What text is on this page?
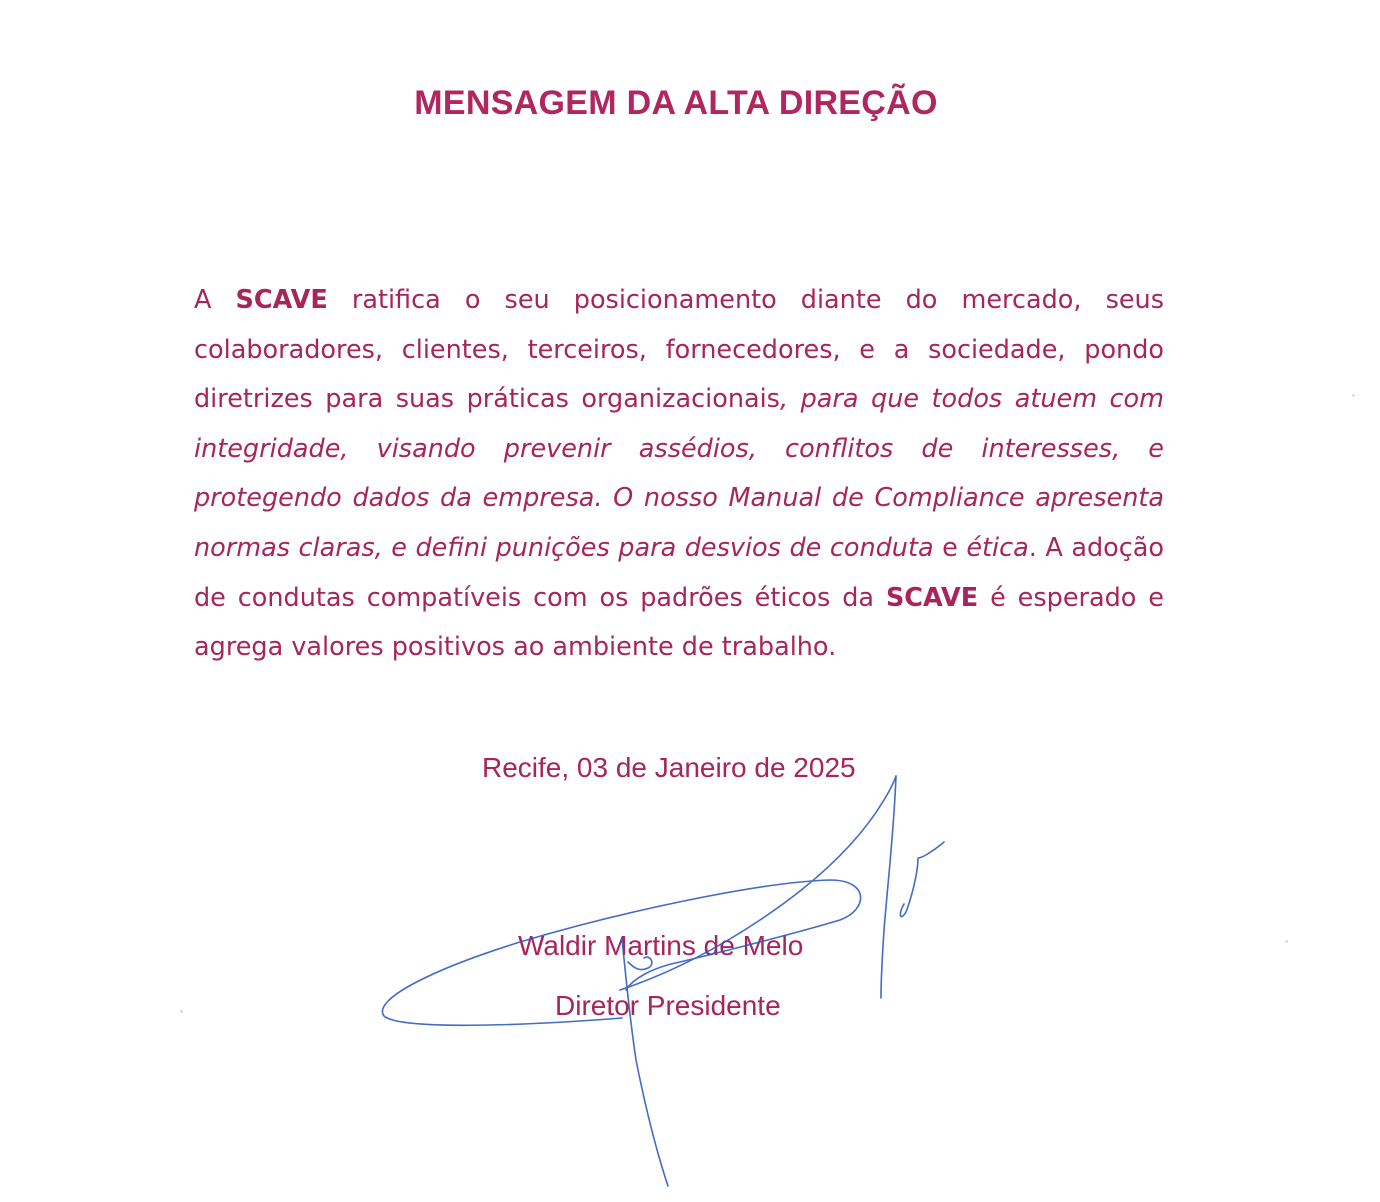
MENSAGEM DA ALTA DIREÇÃO

A SCAVE ratifica o seu posicionamento diante do mercado, seus colaboradores, clientes, terceiros, fornecedores, e a sociedade, pondo diretrizes para suas práticas organizacionais, para que todos atuem com integridade, visando prevenir assédios, conflitos de interesses, e protegendo dados da empresa. O nosso Manual de Compliance apresenta normas claras, e defini punições para desvios de conduta e ética. A adoção de condutas compatíveis com os padrões éticos da SCAVE é esperado e agrega valores positivos ao ambiente de trabalho.

Recife, 03 de Janeiro de 2025
Waldir Martins de Melo
Diretor Presidente
